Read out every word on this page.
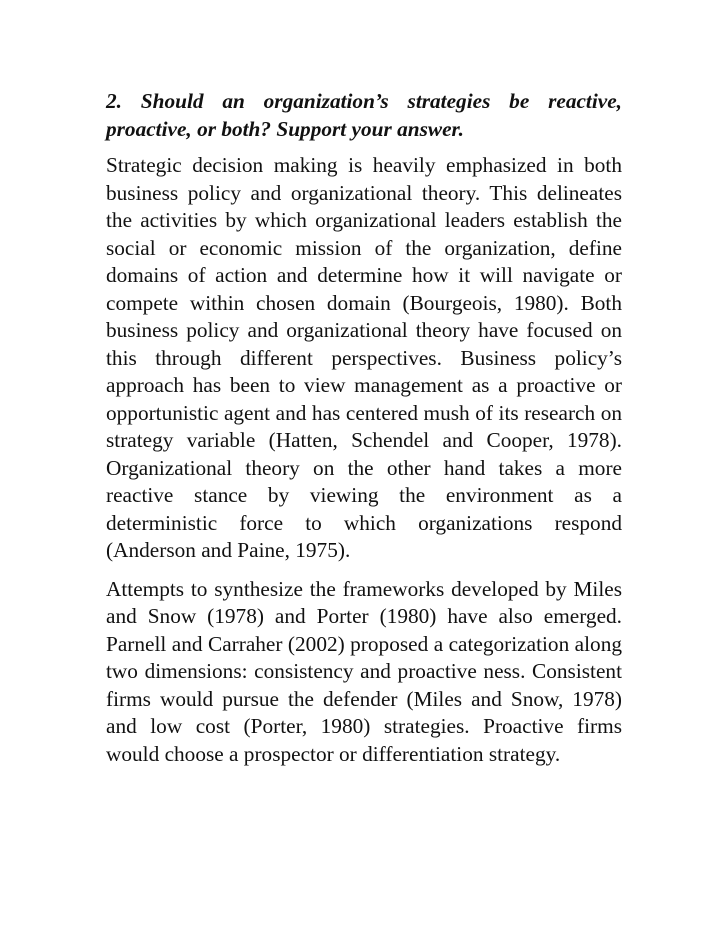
2. Should an organization’s strategies be reactive, proactive, or both? Support your answer.

Strategic decision making is heavily emphasized in both business policy and organizational theory. This delineates the activities by which organizational leaders establish the social or economic mission of the organization, define domains of action and determine how it will navigate or compete within chosen domain (Bourgeois, 1980). Both business policy and organizational theory have focused on this through different perspectives. Business policy’s approach has been to view management as a proactive or opportunistic agent and has centered mush of its research on strategy variable (Hatten, Schendel and Cooper, 1978). Organizational theory on the other hand takes a more reactive stance by viewing the environment as a deterministic force to which organizations respond (Anderson and Paine, 1975).

Attempts to synthesize the frameworks developed by Miles and Snow (1978) and Porter (1980) have also emerged. Parnell and Carraher (2002) proposed a categorization along two dimensions: consistency and proactive ness. Consistent firms would pursue the defender (Miles and Snow, 1978) and low cost (Porter, 1980) strategies. Proactive firms would choose a prospector or differentiation strategy.
